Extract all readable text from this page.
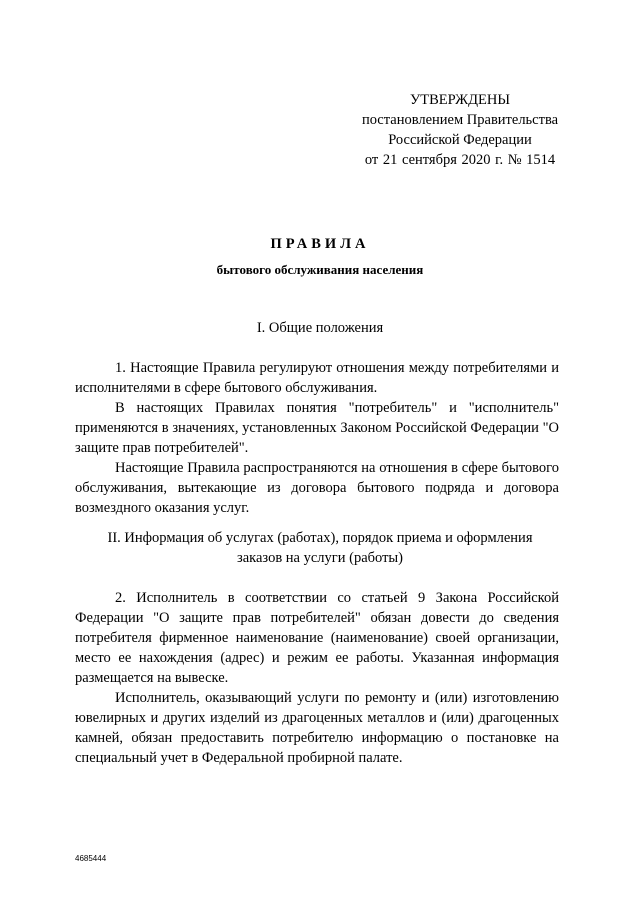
УТВЕРЖДЕНЫ
постановлением Правительства
Российской Федерации
от 21 сентября 2020 г. № 1514
ПРАВИЛА
бытового обслуживания населения
I. Общие положения

1. Настоящие Правила регулируют отношения между потребителями и исполнителями в сфере бытового обслуживания.

В настоящих Правилах понятия "потребитель" и "исполнитель" применяются в значениях, установленных Законом Российской Федерации "О защите прав потребителей".

Настоящие Правила распространяются на отношения в сфере бытового обслуживания, вытекающие из договора бытового подряда и договора возмездного оказания услуг.

II. Информация об услугах (работах), порядок приема и оформления
заказов на услуги (работы)

2. Исполнитель в соответствии со статьей 9 Закона Российской Федерации "О защите прав потребителей" обязан довести до сведения потребителя фирменное наименование (наименование) своей организации, место ее нахождения (адрес) и режим ее работы. Указанная информация размещается на вывеске.

Исполнитель, оказывающий услуги по ремонту и (или) изготовлению ювелирных и других изделий из драгоценных металлов и (или) драгоценных камней, обязан предоставить потребителю информацию о постановке на специальный учет в Федеральной пробирной палате.

4685444
